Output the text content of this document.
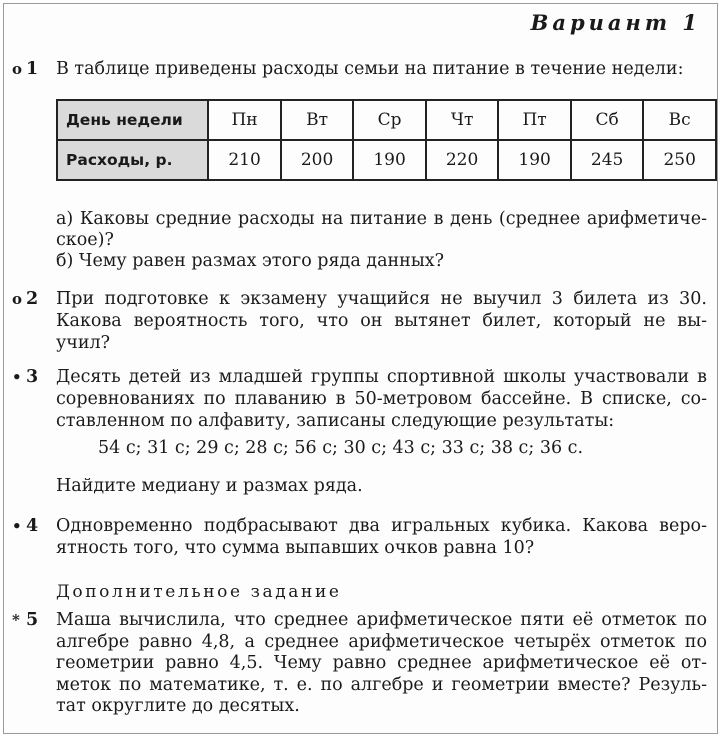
Вариант 1
o 1	В таблице приведены расходы семьи на питание в течение недели:
День недели	Пн	Вт	Ср	Чт	Пт	Сб	Вс
Расходы, р.	210	200	190	220	190	245	250
а) Каковы средние расходы на питание в день (среднее арифметиче-
ское)?
б) Чему равен размах этого ряда данных?
o 2	При подготовке к экзамену учащийся не выучил 3 билета из 30.
Какова вероятность того, что он вытянет билет, который не вы-
учил?
• 3	Десять детей из младшей группы спортивной школы участвовали в
соревнованиях по плаванию в 50-метровом бассейне. В списке, со-
ставленном по алфавиту, записаны следующие результаты:
54 с; 31 с; 29 с; 28 с; 56 с; 30 с; 43 с; 33 с; 38 с; 36 с.
Найдите медиану и размах ряда.
• 4	Одновременно подбрасывают два игральных кубика. Какова веро-
ятность того, что сумма выпавших очков равна 10?
Дополнительное задание
* 5	Маша вычислила, что среднее арифметическое пяти её отметок по
алгебре равно 4,8, а среднее арифметическое четырёх отметок по
геометрии равно 4,5. Чему равно среднее арифметическое её от-
меток по математике, т. е. по алгебре и геометрии вместе? Резуль-
тат округлите до десятых.
